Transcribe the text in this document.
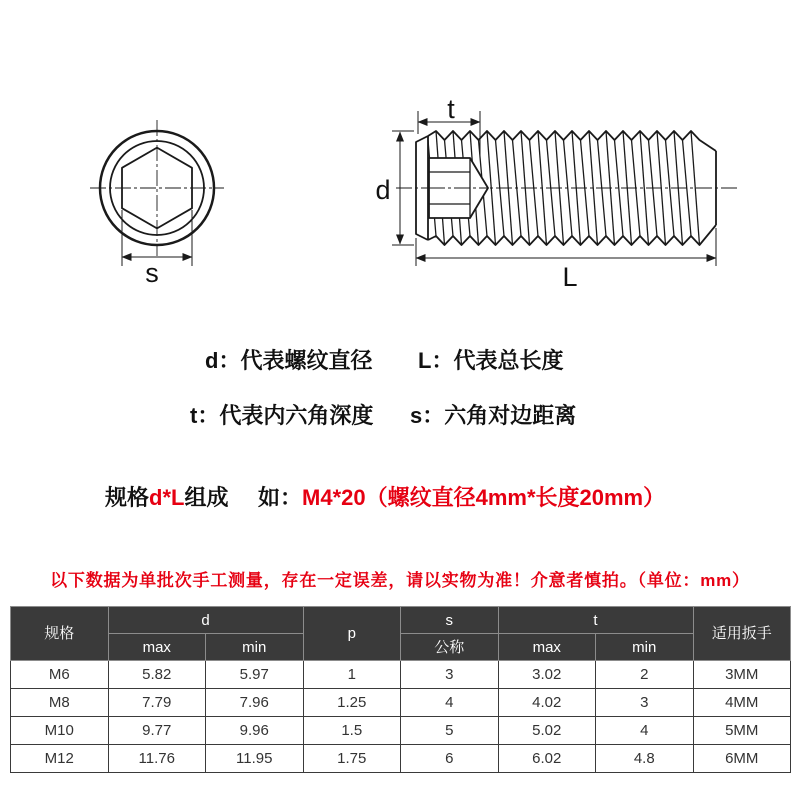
s
d
t
L
d：代表螺纹直径 L：代表总长度
t：代表内六角深度 s：六角对边距离
规格d*L组成 如：M4*20（螺纹直径4mm*长度20mm）
以下数据为单批次手工测量，存在一定误差，请以实物为准！介意者慎拍。（单位：mm）
规格	d		p	s	t		适用扳手
	max	min		公称	max	min	
M6	5.82	5.97	1	3	3.02	2	3MM
M8	7.79	7.96	1.25	4	4.02	3	4MM
M10	9.77	9.96	1.5	5	5.02	4	5MM
M12	11.76	11.95	1.75	6	6.02	4.8	6MM
